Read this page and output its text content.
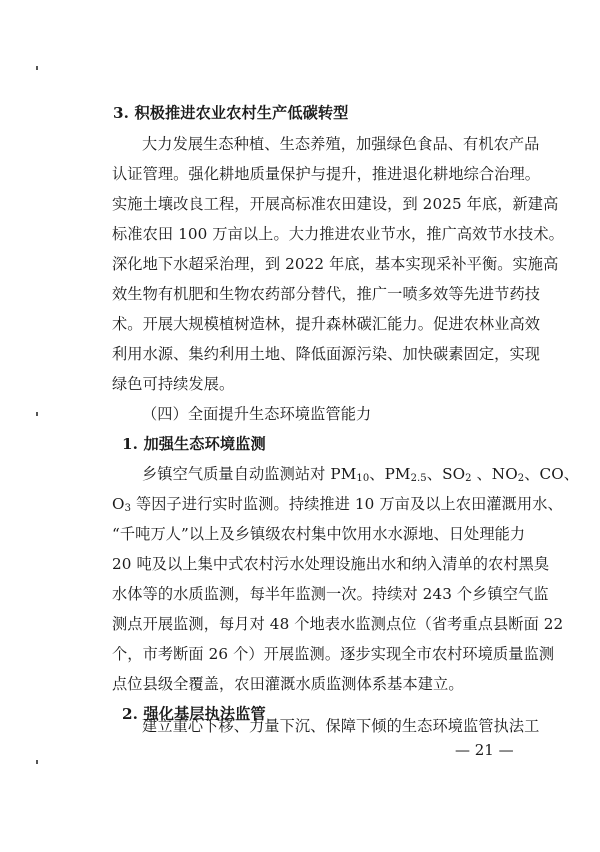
3. 积极推进农业农村生产低碳转型
大力发展生态种植、生态养殖，加强绿色食品、有机农产品
认证管理。强化耕地质量保护与提升，推进退化耕地综合治理。
实施土壤改良工程，开展高标准农田建设，到 2025 年底，新建高
标准农田 100 万亩以上。大力推进农业节水，推广高效节水技术。
深化地下水超采治理，到 2022 年底，基本实现采补平衡。实施高
效生物有机肥和生物农药部分替代，推广一喷多效等先进节药技
术。开展大规模植树造林，提升森林碳汇能力。促进农林业高效
利用水源、集约利用土地、降低面源污染、加快碳素固定，实现
绿色可持续发展。
（四）全面提升生态环境监管能力
1. 加强生态环境监测
乡镇空气质量自动监测站对 $PM_{10}$、$PM_{2.5}$、$SO_2$ 、$NO_2$、CO、
$O_3$ 等因子进行实时监测。持续推进 10 万亩及以上农田灌溉用水、
“千吨万人”以上及乡镇级农村集中饮用水水源地、日处理能力
20 吨及以上集中式农村污水处理设施出水和纳入清单的农村黑臭
水体等的水质监测，每半年监测一次。持续对 243 个乡镇空气监
测点开展监测，每月对 48 个地表水监测点位（省考重点县断面 22
个，市考断面 26 个）开展监测。逐步实现全市农村环境质量监测
点位县级全覆盖，农田灌溉水质监测体系基本建立。
2. 强化基层执法监管
建立重心下移、力量下沉、保障下倾的生态环境监管执法工
— 21 —
